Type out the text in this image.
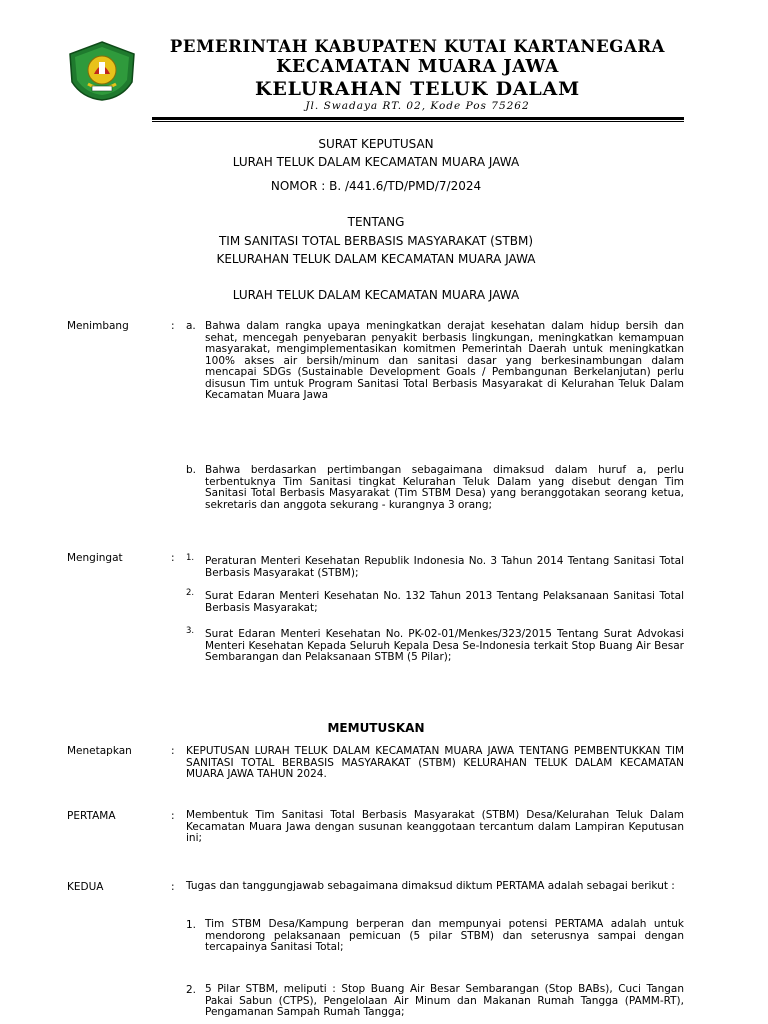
PEMERINTAH KABUPATEN KUTAI KARTANEGARA
KECAMATAN MUARA JAWA
KELURAHAN TELUK DALAM
Jl. Swadaya RT. 02, Kode Pos 75262
SURAT KEPUTUSAN
LURAH TELUK DALAM KECAMATAN MUARA JAWA
NOMOR : B. /441.6/TD/PMD/7/2024
TENTANG
TIM SANITASI TOTAL BERBASIS MASYARAKAT (STBM)
KELURAHAN TELUK DALAM KECAMATAN MUARA JAWA
LURAH TELUK DALAM KECAMATAN MUARA JAWA
Menimbang	: a. Bahwa dalam rangka upaya meningkatkan derajat kesehatan dalam hidup bersih dan sehat, mencegah penyebaran penyakit berbasis lingkungan, meningkatkan kemampuan masyarakat, mengimplementasikan komitmen Pemerintah Daerah untuk meningkatkan 100% akses air bersih/minum dan sanitasi dasar yang berkesinambungan dalam mencapai SDGs (Sustainable Development Goals / Pembangunan Berkelanjutan) perlu disusun Tim untuk Program Sanitasi Total Berbasis Masyarakat di Kelurahan Teluk Dalam Kecamatan Muara Jawa
b. Bahwa berdasarkan pertimbangan sebagaimana dimaksud dalam huruf a, perlu terbentuknya Tim Sanitasi tingkat Kelurahan Teluk Dalam yang disebut dengan Tim Sanitasi Total Berbasis Masyarakat (Tim STBM Desa) yang beranggotakan seorang ketua, sekretaris dan anggota sekurang - kurangnya 3 orang;
Mengingat	: 1. Peraturan Menteri Kesehatan Republik Indonesia No. 3 Tahun 2014 Tentang Sanitasi Total Berbasis Masyarakat (STBM);
2. Surat Edaran Menteri Kesehatan No. 132 Tahun 2013 Tentang Pelaksanaan Sanitasi Total Berbasis Masyarakat;
3. Surat Edaran Menteri Kesehatan No. PK-02-01/Menkes/323/2015 Tentang Surat Advokasi Menteri Kesehatan Kepada Seluruh Kepala Desa Se-Indonesia terkait Stop Buang Air Besar Sembarangan dan Pelaksanaan STBM (5 Pilar);
MEMUTUSKAN
Menetapkan	: KEPUTUSAN LURAH TELUK DALAM KECAMATAN MUARA JAWA TENTANG PEMBENTUKKAN TIM SANITASI TOTAL BERBASIS MASYARAKAT (STBM) KELURAHAN TELUK DALAM KECAMATAN MUARA JAWA TAHUN 2024.
PERTAMA	: Membentuk Tim Sanitasi Total Berbasis Masyarakat (STBM) Desa/Kelurahan Teluk Dalam Kecamatan Muara Jawa dengan susunan keanggotaan tercantum dalam Lampiran Keputusan ini;
KEDUA	: Tugas dan tanggungjawab sebagaimana dimaksud diktum PERTAMA adalah sebagai berikut :
1. Tim STBM Desa/Kampung berperan dan mempunyai potensi PERTAMA adalah untuk mendorong pelaksanaan pemicuan (5 pilar STBM) dan seterusnya sampai dengan tercapainya Sanitasi Total;
2. 5 Pilar STBM, meliputi : Stop Buang Air Besar Sembarangan (Stop BABs), Cuci Tangan Pakai Sabun (CTPS), Pengelolaan Air Minum dan Makanan Rumah Tangga (PAMM-RT), Pengamanan Sampah Rumah Tangga;
